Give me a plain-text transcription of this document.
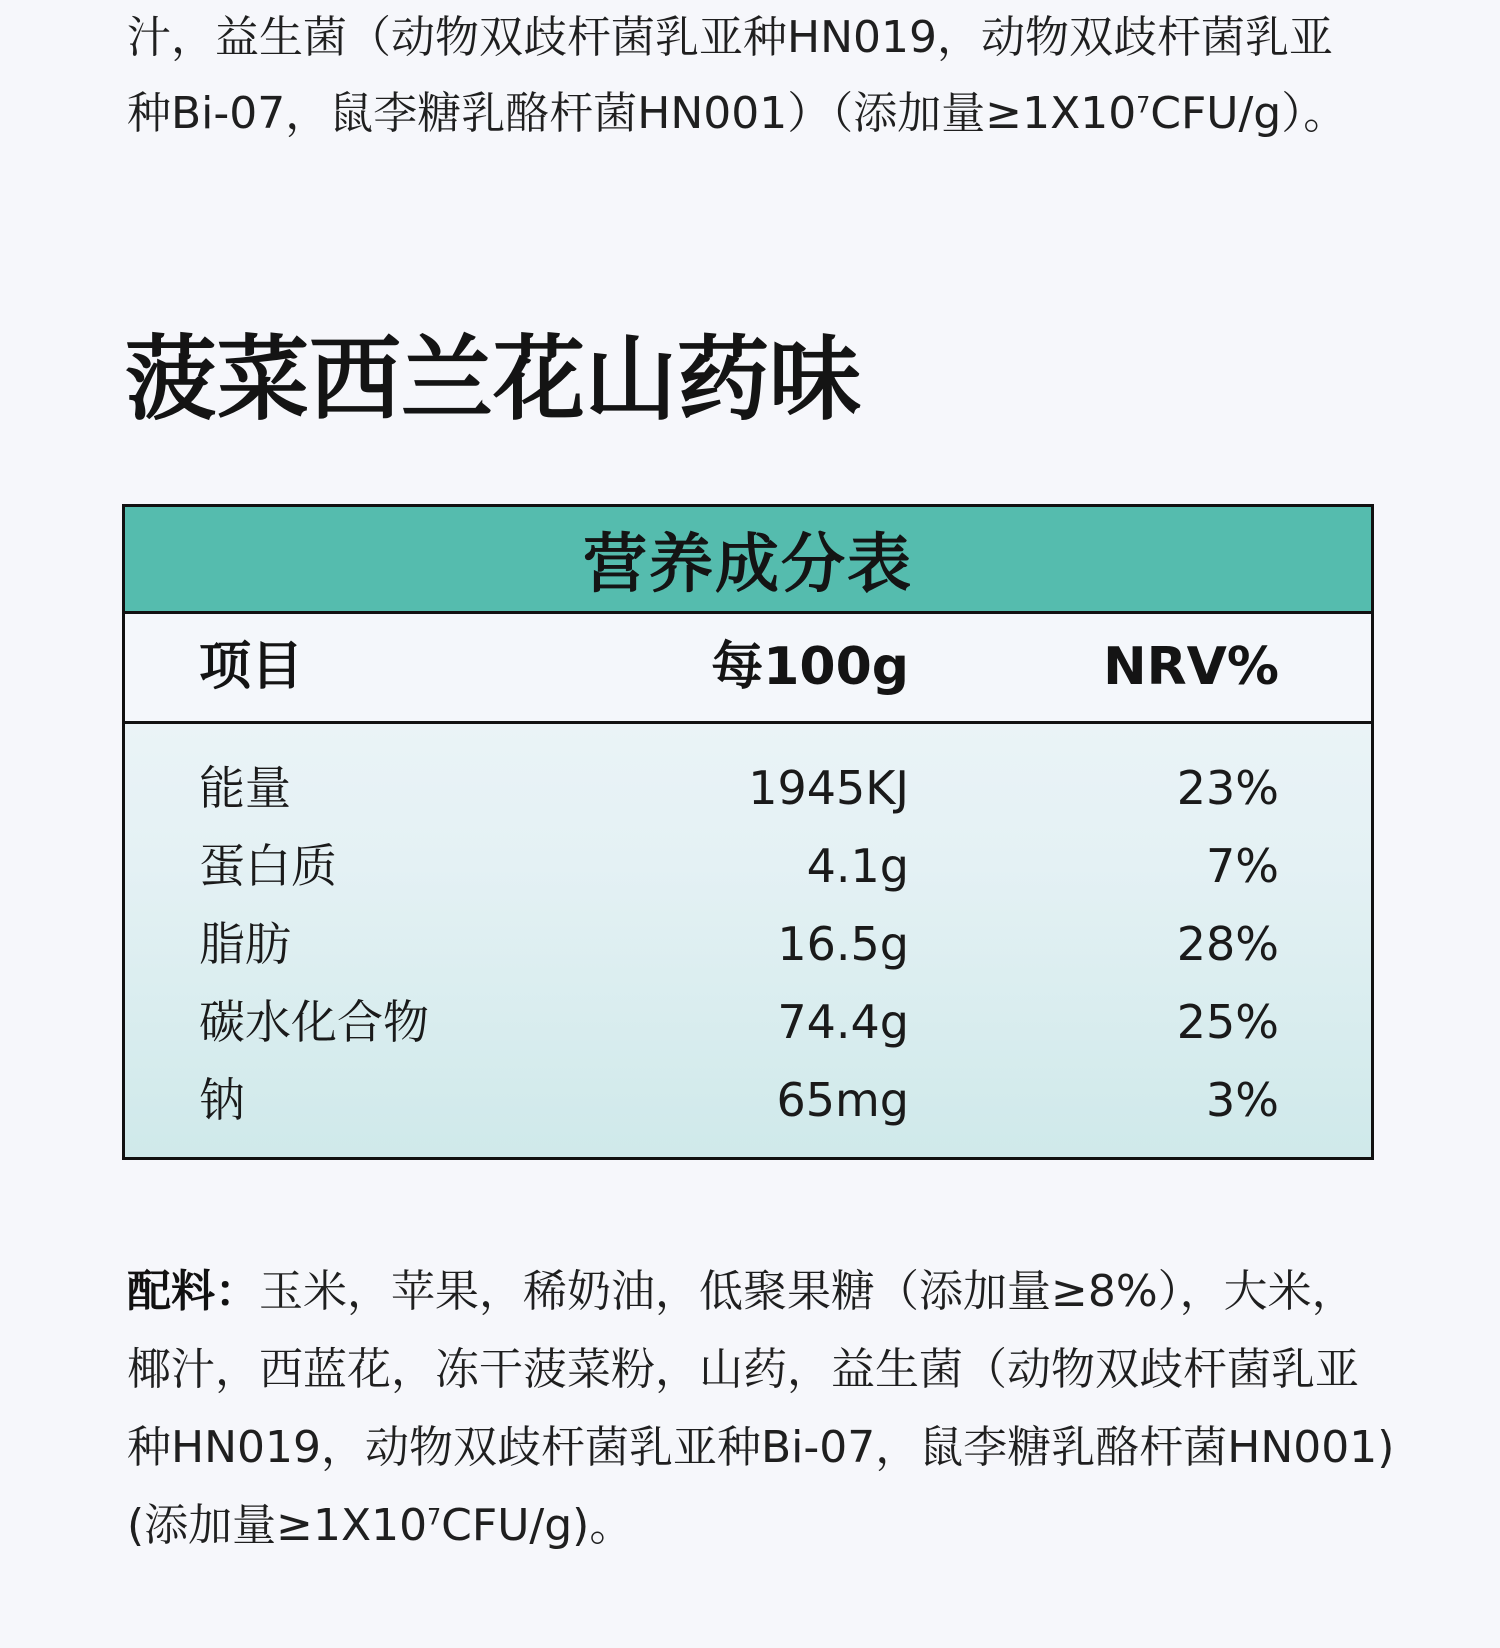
汁，益生菌（动物双歧杆菌乳亚种HN019，动物双歧杆菌乳亚

种Bi-07，鼠李糖乳酪杆菌HN001）（添加量$\ge 1X10^7CFU/g$）。

菠菜西兰花山药味
营养成分表
项目	每100g	NRV%
能量	1945KJ	23%
蛋白质	4.1g	7%
脂肪	16.5g	28%
碳水化合物	74.4g	25%
钠	65mg	3%

配料：玉米，苹果，稀奶油，低聚果糖（添加量≥8%），大米，

椰汁，西蓝花，冻干菠菜粉，山药，益生菌（动物双歧杆菌乳亚

种HN019，动物双歧杆菌乳亚种Bi-07，鼠李糖乳酪杆菌HN001)

(添加量$\ge 1X10^7CFU/g$)。
